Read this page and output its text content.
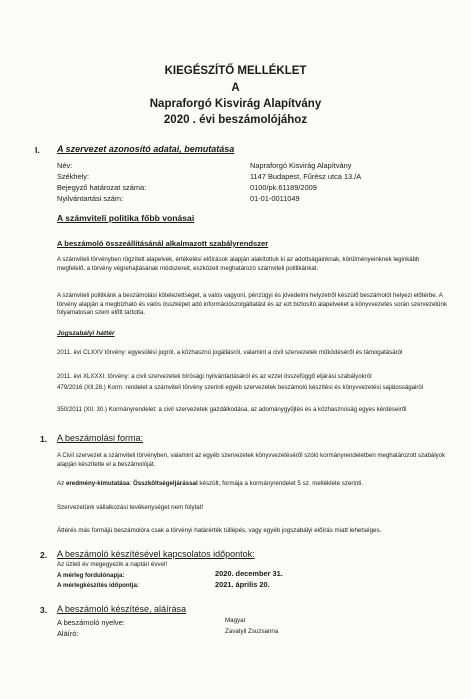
KIEGÉSZÍTŐ MELLÉKLET
A
Napraforgó Kisvirág Alapítvány
2020 . évi beszámolójához
I. A szervezet azonosító adatai, bemutatása
Név:	Napraforgó Kisvirág Alapítvány
Székhely:	1147 Budapest, Fűrész utca 13./A
Bejegyző határozat száma:	0100/pk.61189/2009
Nyilvántartási szám:	01-01-0011049
A számviteli politika főbb vonásai
A beszámoló összeállításánál alkalmazott szabályrendszer
A számviteli törvényben rögzített alapelvek, értékelési előírások alapján alakítottuk ki az adottságainknak, körülményeinknek leginkább megfelelő, a törvény végrehajtásának módszereit, eszközeit meghatározó számviteli politikánkat.
A számviteli politikánk a beszámolási kötelezettséget, a valós vagyoni, pénzügyi és jövedelmi helyzetről készülő beszámolót helyezi előtérbe. A törvény alapján a megbízható és valós összképet adó információszolgáltatást és az ezt biztosító alapelveket a könyvvezetés során szervezetünk folyamatosan szem előtt tartotta.
Jogszabályi háttér
2011. évi CLXXV törvény: egyesülési jogról, a közhasznú jogállásról, valamint a civil szervezetek működéséről és támogatásáról
2011. évi XLXXXI. törvény: a civil szervezetek bírósági nyilvántartásáról és az ezzel összefüggő eljárási szabályokról
479/2016 (XII.28.) Korm. rendelet a számviteli törvény szerinti egyéb szervezetek beszámoló készítési és könyvvezetési sajátosságairól
350/2011 (XII. 30.) Kormányrendelet: a civil szervezetek gazdálkodása, az adománygyűjtés és a közhasznúság egyes kérdéseiről
1. A beszámolási forma:
A Civil szervezet a számviteli törvényben, valamint az egyéb szervezetek könyvvezetéséről szóló kormányrendeletben meghatározott szabályok alapján készítette el a beszámolóját.
Az eredmény-kimutatása: Összköltségeljárással készült, formája a kormányrendelet 5 sz. melléklete szerinti.
Szervezetünk vállalkozási tevékenységet nem folytat!
Áttérés más formájú beszámolóra csak a törvényi határérték túllépés, vagy egyéb jogszabályi előírás miatt lehetséges.
2. A beszámoló készítésével kapcsolatos időpontok:
Az üzleti év megegyezik a naptári évvel!
A mérleg fordulónapja:	2020. december 31.
A mérlegkészítés időpontja:	2021. április 20.
3. A beszámoló készítése, aláírása
A beszámoló nyelve:	Magyar
Aláíró:	Zavatyil Zsuzsanna
